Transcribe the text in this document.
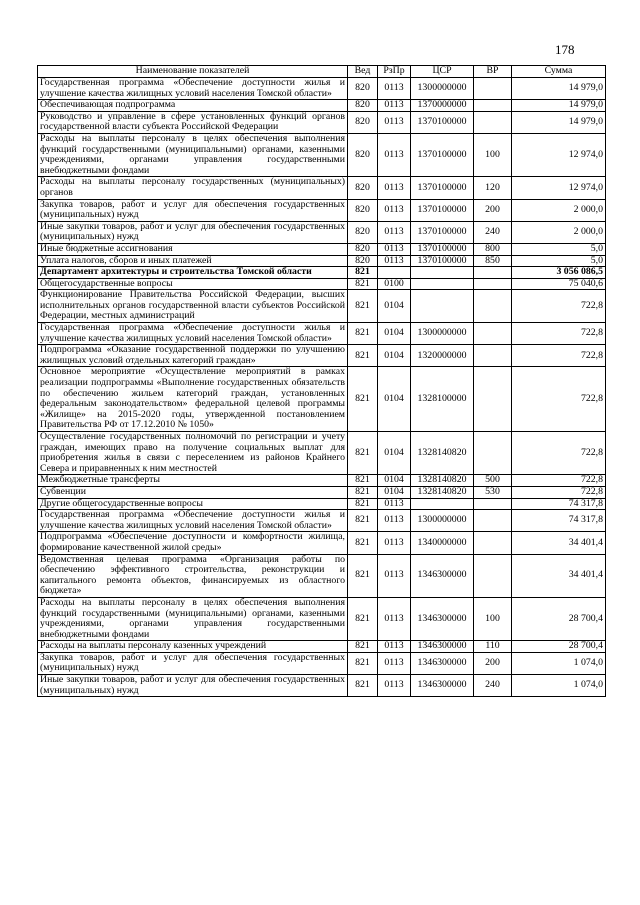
178
Наименование показателей	Вед	РзПр	ЦСР	ВР	Сумма
Государственная программа «Обеспечение доступности жилья и улучшение качества жилищных условий населения Томской области»	820	0113	1300000000		14 979,0
Обеспечивающая подпрограмма	820	0113	1370000000		14 979,0
Руководство и управление в сфере установленных функций органов государственной власти субъекта Российской Федерации	820	0113	1370100000		14 979,0
Расходы на выплаты персоналу в целях обеспечения выполнения функций государственными (муниципальными) органами, казенными учреждениями, органами управления государственными внебюджетными фондами	820	0113	1370100000	100	12 974,0
Расходы на выплаты персоналу государственных (муниципальных) органов	820	0113	1370100000	120	12 974,0
Закупка товаров, работ и услуг для обеспечения государственных (муниципальных) нужд	820	0113	1370100000	200	2 000,0
Иные закупки товаров, работ и услуг для обеспечения государственных (муниципальных) нужд	820	0113	1370100000	240	2 000,0
Иные бюджетные ассигнования	820	0113	1370100000	800	5,0
Уплата налогов, сборов и иных платежей	820	0113	1370100000	850	5,0
Департамент архитектуры и строительства Томской области	821				3 056 086,5
Общегосударственные вопросы	821	0100			75 040,6
Функционирование Правительства Российской Федерации, высших исполнительных органов государственной власти субъектов Российской Федерации, местных администраций	821	0104			722,8
Государственная программа «Обеспечение доступности жилья и улучшение качества жилищных условий населения Томской области»	821	0104	1300000000		722,8
Подпрограмма «Оказание государственной поддержки по улучшению жилищных условий отдельных категорий граждан»	821	0104	1320000000		722,8
Основное мероприятие «Осуществление мероприятий в рамках реализации подпрограммы «Выполнение государственных обязательств по обеспечению жильем категорий граждан, установленных федеральным законодательством» федеральной целевой программы «Жилище» на 2015-2020 годы, утвержденной постановлением Правительства РФ от 17.12.2010 № 1050»	821	0104	1328100000		722,8
Осуществление государственных полномочий по регистрации и учету граждан, имеющих право на получение социальных выплат для приобретения жилья в связи с переселением из районов Крайнего Севера и приравненных к ним местностей	821	0104	1328140820		722,8
Межбюджетные трансферты	821	0104	1328140820	500	722,8
Субвенции	821	0104	1328140820	530	722,8
Другие общегосударственные вопросы	821	0113			74 317,8
Государственная программа «Обеспечение доступности жилья и улучшение качества жилищных условий населения Томской области»	821	0113	1300000000		74 317,8
Подпрограмма «Обеспечение доступности и комфортности жилища, формирование качественной жилой среды»	821	0113	1340000000		34 401,4
Ведомственная целевая программа «Организация работы по обеспечению эффективного строительства, реконструкции и капитального ремонта объектов, финансируемых из областного бюджета»	821	0113	1346300000		34 401,4
Расходы на выплаты персоналу в целях обеспечения выполнения функций государственными (муниципальными) органами, казенными учреждениями, органами управления государственными внебюджетными фондами	821	0113	1346300000	100	28 700,4
Расходы на выплаты персоналу казенных учреждений	821	0113	1346300000	110	28 700,4
Закупка товаров, работ и услуг для обеспечения государственных (муниципальных) нужд	821	0113	1346300000	200	1 074,0
Иные закупки товаров, работ и услуг для обеспечения государственных (муниципальных) нужд	821	0113	1346300000	240	1 074,0
